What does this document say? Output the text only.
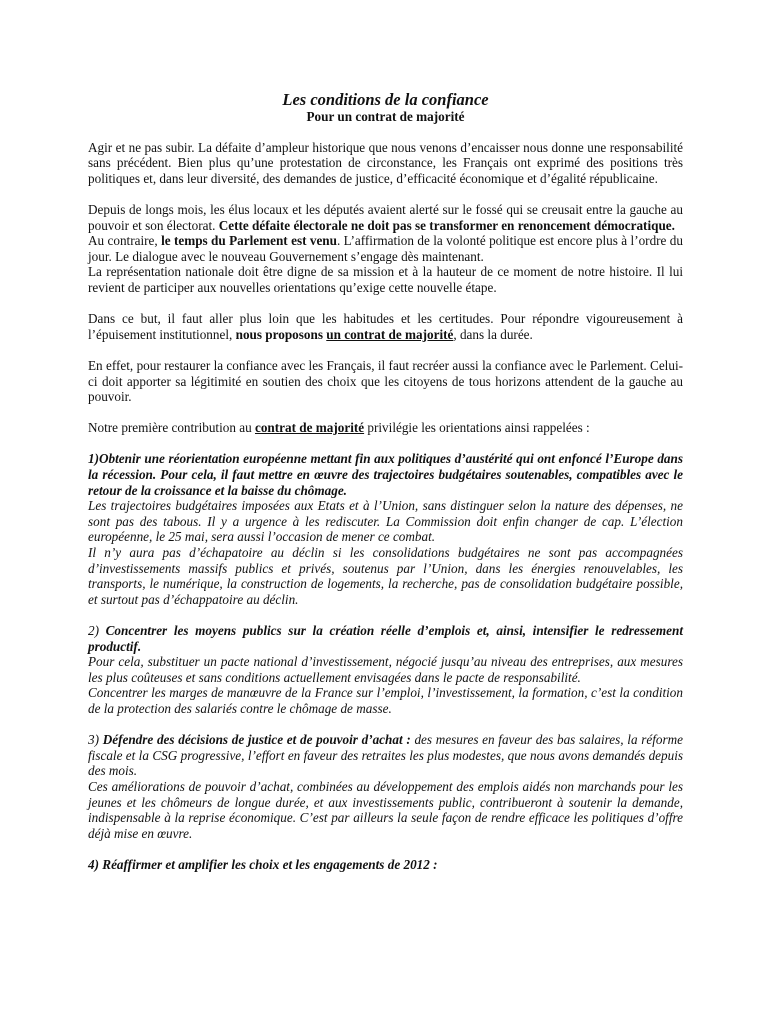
Les conditions de la confiance
Pour un contrat de majorité

Agir et ne pas subir. La défaite d’ampleur historique que nous venons d’encaisser nous donne une responsabilité sans précédent. Bien plus qu’une protestation de circonstance, les Français ont exprimé des positions très politiques et, dans leur diversité, des demandes de justice, d’efficacité économique et d’égalité républicaine.

Depuis de longs mois, les élus locaux et les députés avaient alerté sur le fossé qui se creusait entre la gauche au pouvoir et son électorat. Cette défaite électorale ne doit pas se transformer en renoncement démocratique.

Au contraire, le temps du Parlement est venu. L’affirmation de la volonté politique est encore plus à l’ordre du jour. Le dialogue avec le nouveau Gouvernement s’engage dès maintenant.

La représentation nationale doit être digne de sa mission et à la hauteur de ce moment de notre histoire. Il lui revient de participer aux nouvelles orientations qu’exige cette nouvelle étape.

Dans ce but, il faut aller plus loin que les habitudes et les certitudes. Pour répondre vigoureusement à l’épuisement institutionnel, nous proposons un contrat de majorité, dans la durée.

En effet, pour restaurer la confiance avec les Français, il faut recréer aussi la confiance avec le Parlement. Celui-ci doit apporter sa légitimité en soutien des choix que les citoyens de tous horizons attendent de la gauche au pouvoir.

Notre première contribution au contrat de majorité privilégie les orientations ainsi rappelées :

1)Obtenir une réorientation européenne mettant fin aux politiques d’austérité qui ont enfoncé l’Europe dans la récession. Pour cela, il faut mettre en œuvre des trajectoires budgétaires soutenables, compatibles avec le retour de la croissance et la baisse du chômage.

Les trajectoires budgétaires imposées aux Etats et à l’Union, sans distinguer selon la nature des dépenses, ne sont pas des tabous. Il y a urgence à les rediscuter. La Commission doit enfin changer de cap. L’élection européenne, le 25 mai, sera aussi l’occasion de mener ce combat.

Il n’y aura pas d’échapatoire au déclin si les consolidations budgétaires ne sont pas accompagnées d’investissements massifs publics et privés, soutenus par l’Union, dans les énergies renouvelables, les transports, le numérique, la construction de logements, la recherche, pas de consolidation budgétaire possible, et surtout pas d’échappatoire au déclin.

2) Concentrer les moyens publics sur la création réelle d’emplois et, ainsi, intensifier le redressement productif.

Pour cela, substituer un pacte national d’investissement, négocié jusqu’au niveau des entreprises, aux mesures les plus coûteuses et sans conditions actuellement envisagées dans le pacte de responsabilité.

Concentrer les marges de manœuvre de la France sur l’emploi, l’investissement, la formation, c’est la condition de la protection des salariés contre le chômage de masse.

3) Défendre des décisions de justice et de pouvoir d’achat : des mesures en faveur des bas salaires, la réforme fiscale et la CSG progressive, l’effort en faveur des retraites les plus modestes, que nous avons demandés depuis des mois.

Ces améliorations de pouvoir d’achat, combinées au développement des emplois aidés non marchands pour les jeunes et les chômeurs de longue durée, et aux investissements public, contribueront à soutenir la demande, indispensable à la reprise économique. C’est par ailleurs la seule façon de rendre efficace les politiques d’offre déjà mise en œuvre.

4) Réaffirmer et amplifier les choix et les engagements de 2012 :
